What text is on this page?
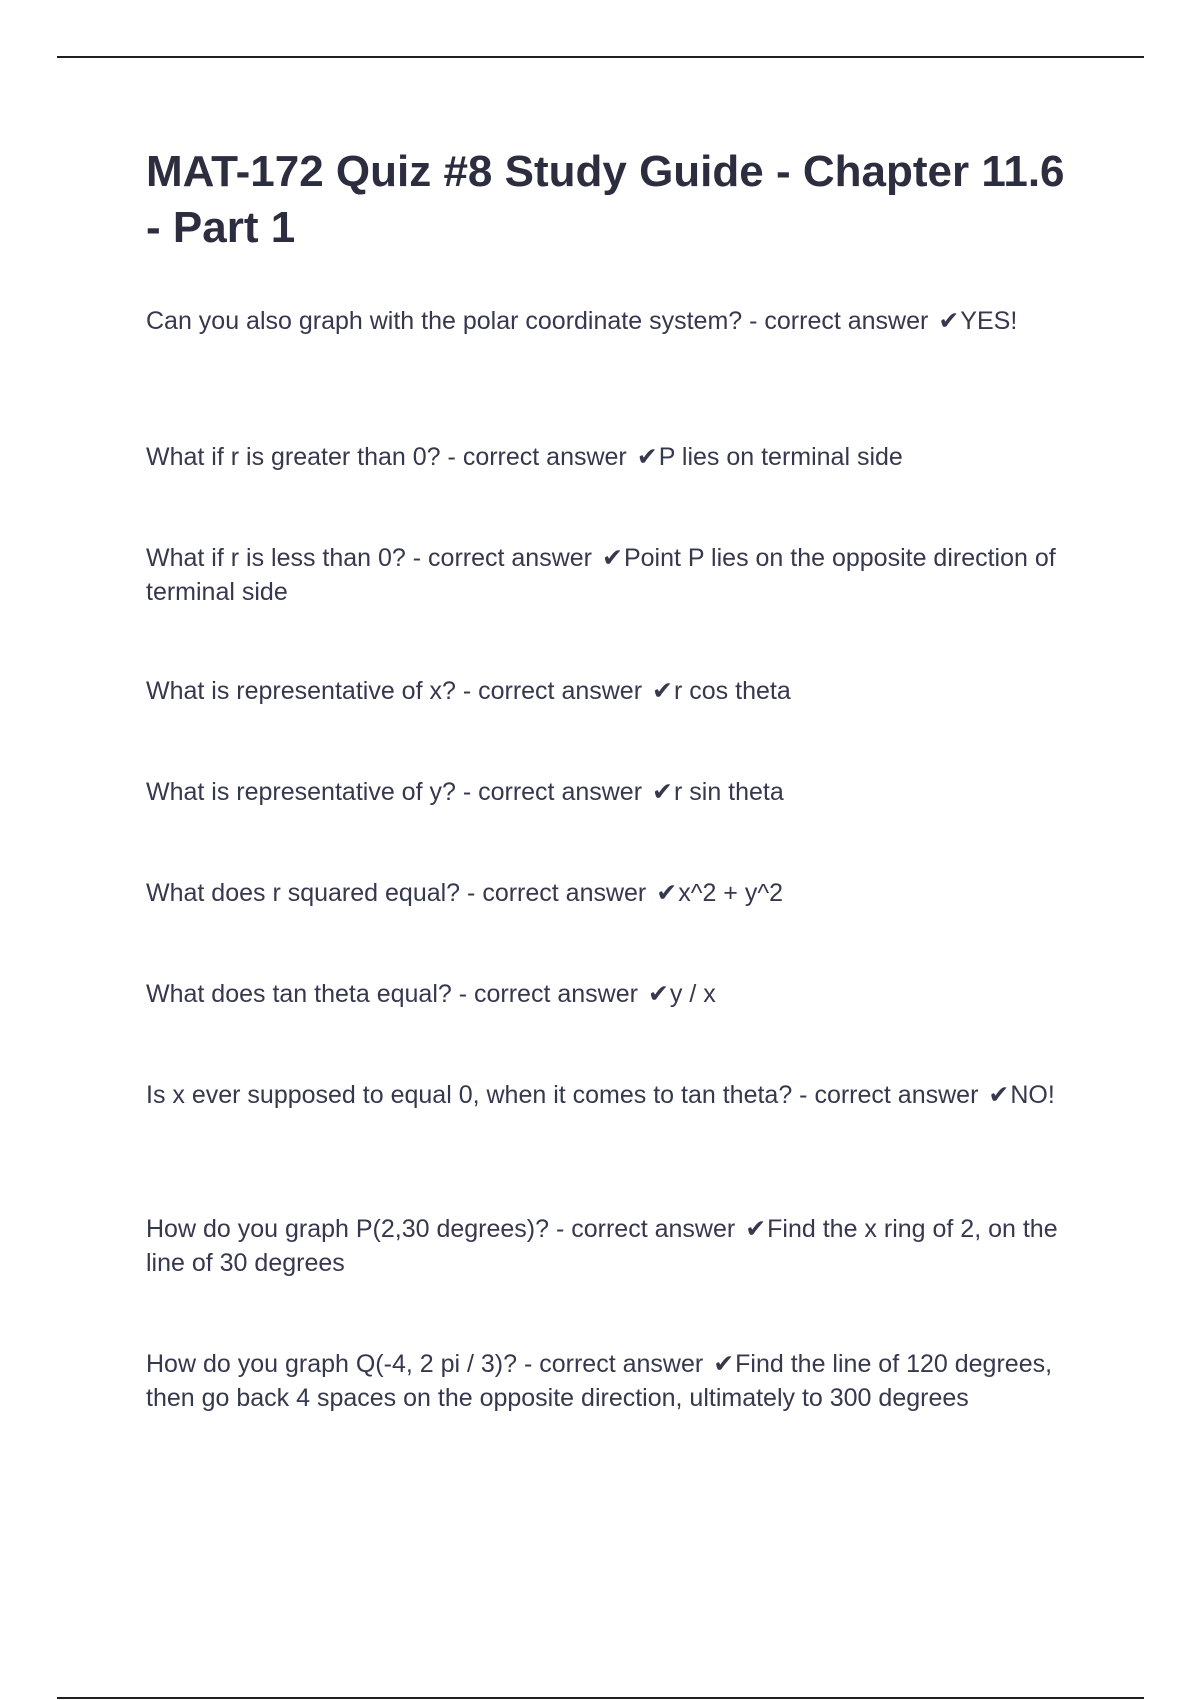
MAT-172 Quiz #8 Study Guide - Chapter 11.6 - Part 1

Can you also graph with the polar coordinate system? - correct answer ✔YES!

What if r is greater than 0? - correct answer ✔P lies on terminal side

What if r is less than 0? - correct answer ✔Point P lies on the opposite direction of terminal side

What is representative of x? - correct answer ✔r cos theta

What is representative of y? - correct answer ✔r sin theta

What does r squared equal? - correct answer ✔x^2 + y^2

What does tan theta equal? - correct answer ✔y / x

Is x ever supposed to equal 0, when it comes to tan theta? - correct answer ✔NO!

How do you graph P(2,30 degrees)? - correct answer ✔Find the x ring of 2, on the line of 30 degrees

How do you graph Q(-4, 2 pi / 3)? - correct answer ✔Find the line of 120 degrees, then go back 4 spaces on the opposite direction, ultimately to 300 degrees
